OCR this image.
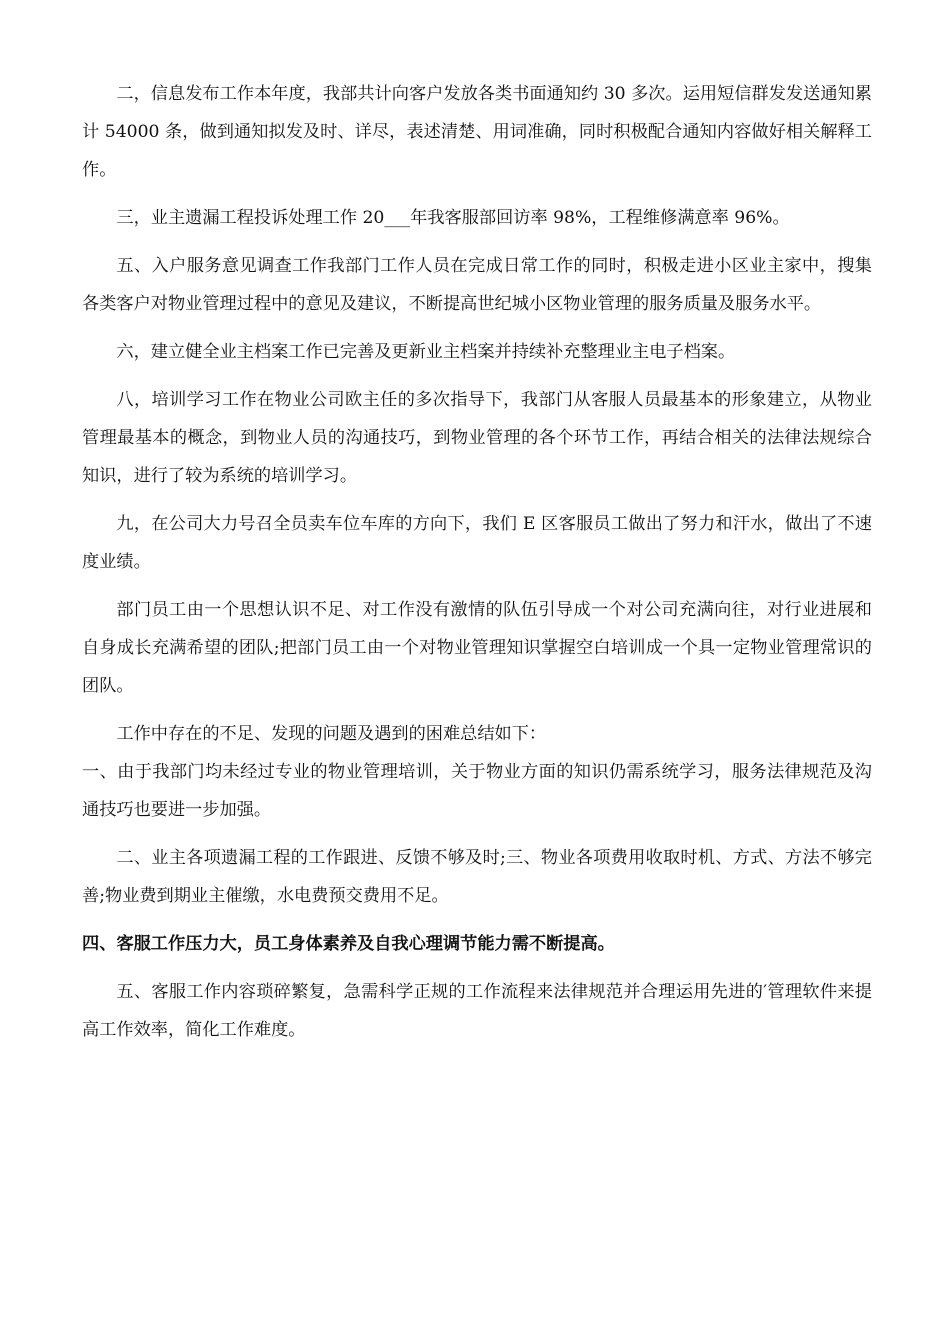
二，信息发布工作本年度，我部共计向客户发放各类书面通知约 30 多次。运用短信群发发送通知累计 54000 条，做到通知拟发及时、详尽，表述清楚、用词准确，同时积极配合通知内容做好相关解释工作。

三，业主遗漏工程投诉处理工作 20___年我客服部回访率 98%，工程维修满意率 96%。

五、入户服务意见调查工作我部门工作人员在完成日常工作的同时，积极走进小区业主家中，搜集各类客户对物业管理过程中的意见及建议，不断提高世纪城小区物业管理的服务质量及服务水平。

六，建立健全业主档案工作已完善及更新业主档案并持续补充整理业主电子档案。

八，培训学习工作在物业公司欧主任的多次指导下，我部门从客服人员最基本的形象建立，从物业管理最基本的概念，到物业人员的沟通技巧，到物业管理的各个环节工作，再结合相关的法律法规综合知识，进行了较为系统的培训学习。

九，在公司大力号召全员卖车位车库的方向下，我们 E 区客服员工做出了努力和汗水，做出了不速度业绩。

部门员工由一个思想认识不足、对工作没有激情的队伍引导成一个对公司充满向往，对行业进展和自身成长充满希望的团队;把部门员工由一个对物业管理知识掌握空白培训成一个具一定物业管理常识的团队。

工作中存在的不足、发现的问题及遇到的困难总结如下：

一、由于我部门均未经过专业的物业管理培训，关于物业方面的知识仍需系统学习，服务法律规范及沟通技巧也要进一步加强。

二、业主各项遗漏工程的工作跟进、反馈不够及时;三、物业各项费用收取时机、方式、方法不够完善;物业费到期业主催缴，水电费预交费用不足。

四、客服工作压力大，员工身体素养及自我心理调节能力需不断提高。

五、客服工作内容琐碎繁复，急需科学正规的工作流程来法律规范并合理运用先进的′管理软件来提高工作效率，简化工作难度。
